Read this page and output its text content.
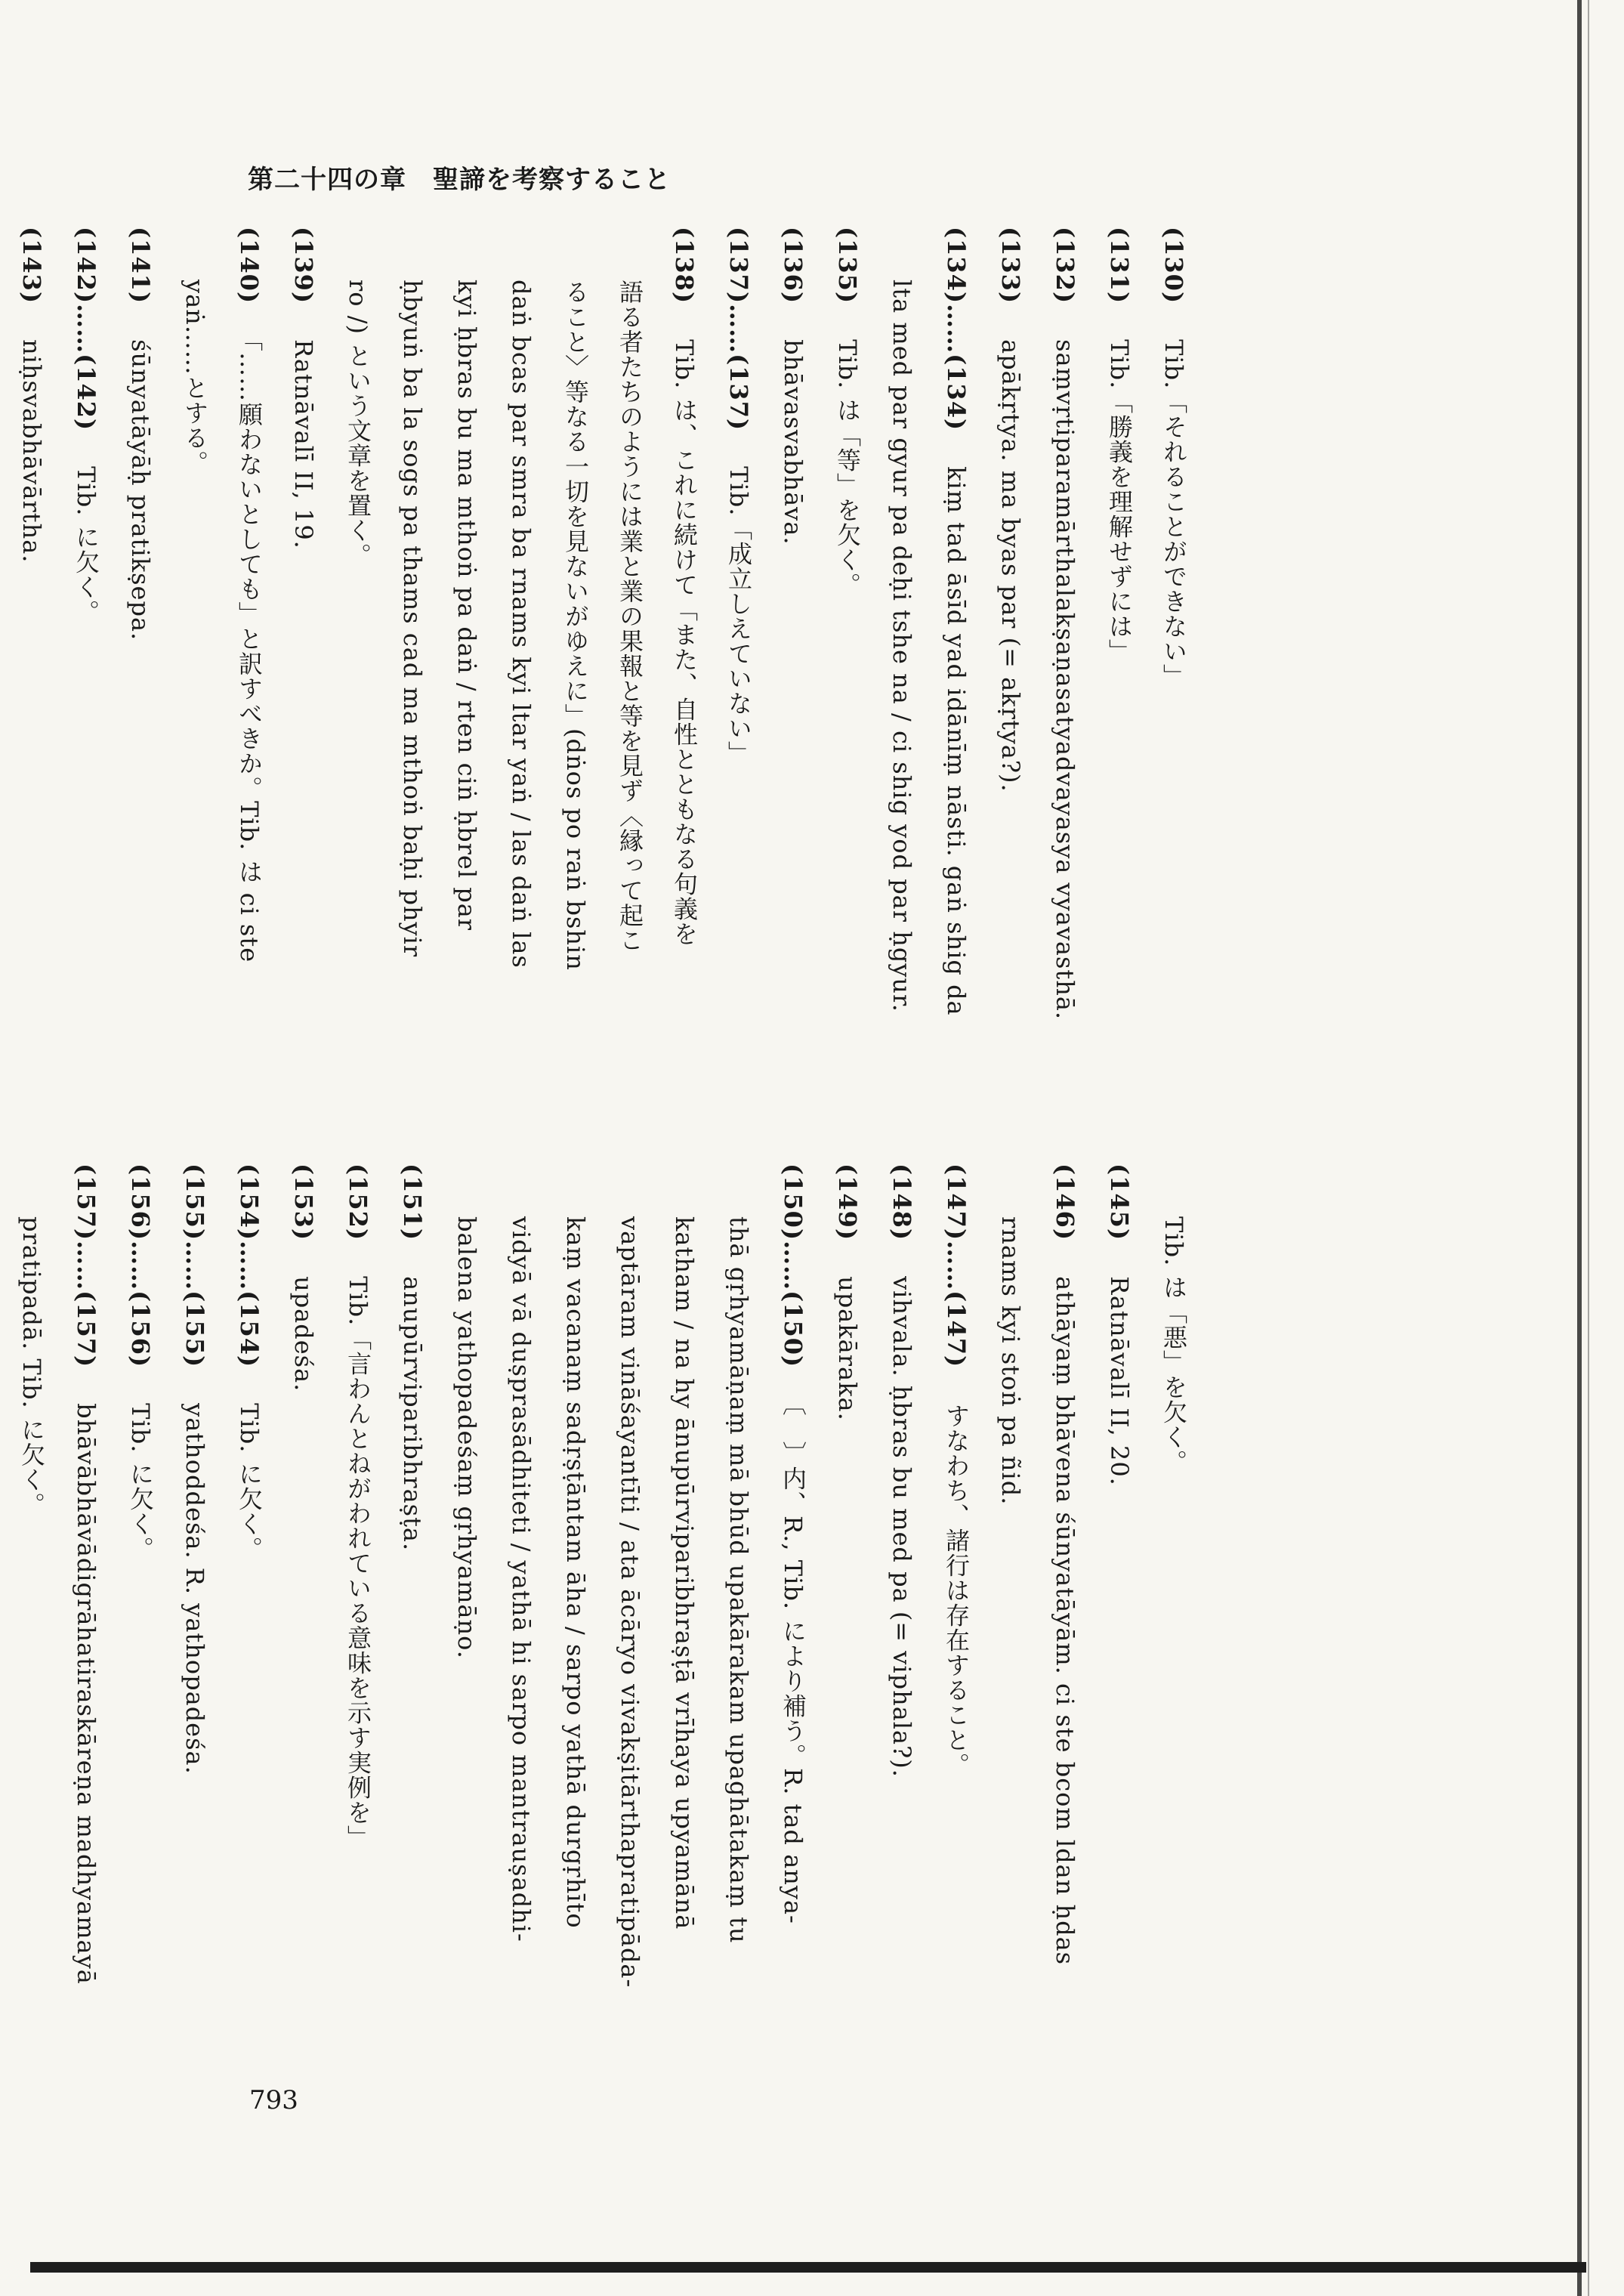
第二十四の章　聖諦を考察すること

(130)　Tib.「それることができない」

(131)　Tib.「勝義を理解せずには」

(132)　saṃvṛtiparamārthalakṣaṇasatyadvayasya vyavasthā.

(133)　apākṛtya. ma byas par (= akṛtya?).

(134)……(134)　kiṃ tad āsīd yad idānīṃ nāsti. gaṅ shig da

lta med par gyur pa deḥi tshe na / ci shig yod par ḥgyur.

(135)　Tib. は「等」を欠く。

(136)　bhāvasvabhāva.

(137)……(137)　Tib.「成立しえていない」

(138)　Tib. は、これに続けて「また、自性とともなる句義を

語る者たちのようには業と業の果報と等を見ず〈縁って起こ

ること〉等なる一切を見ないがゆえに」(dṅos po raṅ bshin

daṅ bcas par smra ba rnams kyi ltar yaṅ / las daṅ las

kyi ḥbras bu ma mthoṅ pa daṅ / rten ciṅ ḥbrel par

ḥbyuṅ ba la sogs pa thams cad ma mthoṅ baḥi phyir

ro /) という文章を置く。

(139)　Ratnāvalī II, 19.

(140)　「……願わないとしても」と訳すべきか。Tib. は ci ste

yaṅ……とする。

(141)　śūnyatāyāḥ pratikṣepa.

(142)……(142)　Tib. に欠く。

(143)　niḥsvabhāvārtha.

Tib. は「悪」を欠く。

(145)　Ratnāvalī II, 20.

(146)　athāyaṃ bhāvena śūnyatāyām. ci ste bcom ldan ḥdas

rnams kyi stoṅ pa ñid.

(147)……(147)　すなわち、諸行は存在すること。

(148)　vihvala. ḥbras bu med pa (= viphala?).

(149)　upakāraka.

(150)……(150)　〔　〕内、R., Tib. により補う。R. tad anya-

thā gṛhyamāṇaṃ mā bhūd upakārakam upaghātakaṃ tu

katham / na hy ānupūrviparibhraṣṭā vrīhaya upyamānā

vaptāram vināśayantīti / ata ācāryo vivakṣitārthapratipāda-

kaṃ vacanaṃ sadṛṣṭāntam āha / sarpo yathā durgṛhīto

vidyā vā duṣprasādhiteti / yathā hi sarpo mantrauṣadhi-

balena yathopadeśaṃ gṛhyamāṇo.

(151)　anupūrviparibhraṣṭa.

(152)　Tib.「言わんとねがわれている意味を示す実例を」

(153)　upadeśa.

(154)……(154)　Tib. に欠く。

(155)……(155)　yathoddeśa. R. yathopadeśa.

(156)……(156)　Tib. に欠く。

(157)……(157)　bhāvābhāvādigrāhatiraskāreṇa madhyamayā

pratipadā. Tib. に欠く。

793
